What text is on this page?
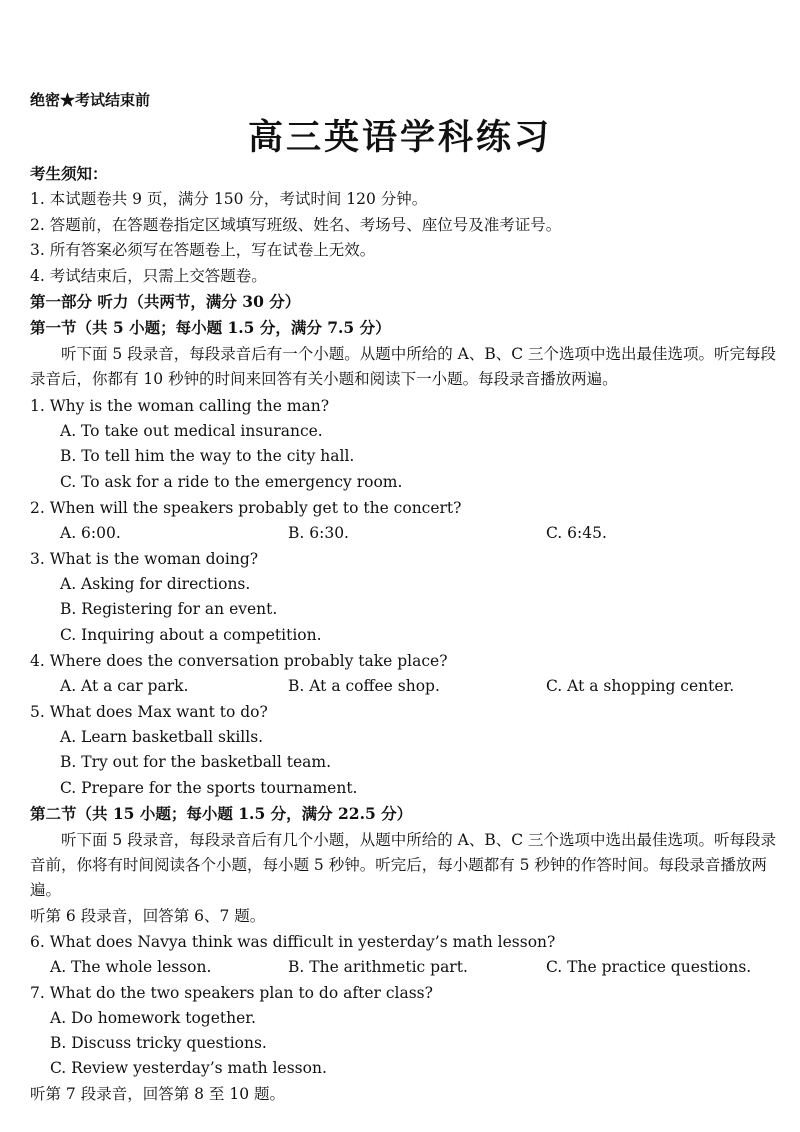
绝密★考试结束前
高三英语学科练习
考生须知：
1. 本试题卷共 9 页，满分 150 分，考试时间 120 分钟。
2. 答题前，在答题卷指定区域填写班级、姓名、考场号、座位号及准考证号。
3. 所有答案必须写在答题卷上，写在试卷上无效。
4. 考试结束后，只需上交答题卷。
第一部分 听力（共两节，满分 30 分）
第一节（共 5 小题；每小题 1.5 分，满分 7.5 分）
听下面 5 段录音，每段录音后有一个小题。从题中所给的 A、B、C 三个选项中选出最佳选项。听完每段录音后，你都有 10 秒钟的时间来回答有关小题和阅读下一小题。每段录音播放两遍。
1. Why is the woman calling the man?
A. To take out medical insurance.
B. To tell him the way to the city hall.
C. To ask for a ride to the emergency room.
2. When will the speakers probably get to the concert?
A. 6:00.	B. 6:30.	C. 6:45.
3. What is the woman doing?
A. Asking for directions.
B. Registering for an event.
C. Inquiring about a competition.
4. Where does the conversation probably take place?
A. At a car park.	B. At a coffee shop.	C. At a shopping center.
5. What does Max want to do?
A. Learn basketball skills.
B. Try out for the basketball team.
C. Prepare for the sports tournament.
第二节（共 15 小题；每小题 1.5 分，满分 22.5 分）
听下面 5 段录音，每段录音后有几个小题，从题中所给的 A、B、C 三个选项中选出最佳选项。听每段录音前，你将有时间阅读各个小题，每小题 5 秒钟。听完后，每小题都有 5 秒钟的作答时间。每段录音播放两遍。
听第 6 段录音，回答第 6、7 题。
6. What does Navya think was difficult in yesterday’s math lesson?
A. The whole lesson.	B. The arithmetic part.	C. The practice questions.
7. What do the two speakers plan to do after class?
A. Do homework together.
B. Discuss tricky questions.
C. Review yesterday’s math lesson.
听第 7 段录音，回答第 8 至 10 题。
